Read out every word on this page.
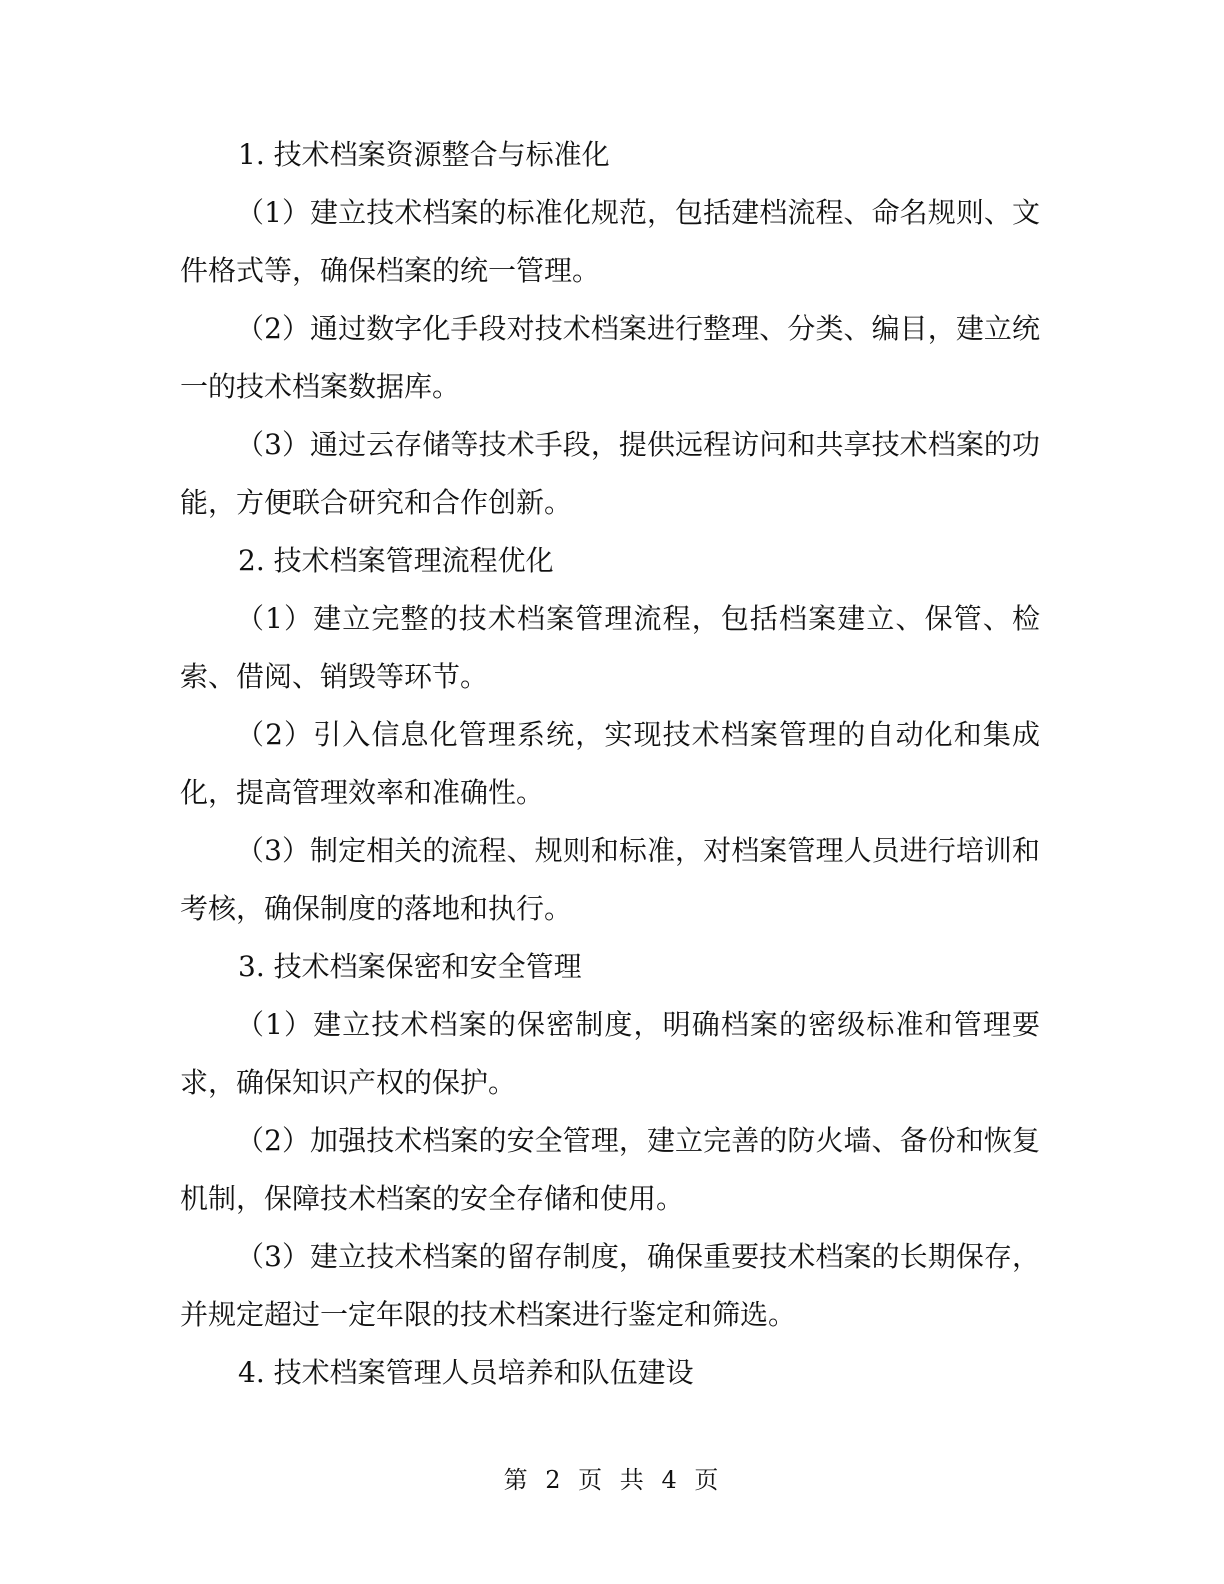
1. 技术档案资源整合与标准化

（1）建立技术档案的标准化规范，包括建档流程、命名规则、文件格式等，确保档案的统一管理。

（2）通过数字化手段对技术档案进行整理、分类、编目，建立统一的技术档案数据库。

（3）通过云存储等技术手段，提供远程访问和共享技术档案的功能，方便联合研究和合作创新。

2. 技术档案管理流程优化

（1）建立完整的技术档案管理流程，包括档案建立、保管、检索、借阅、销毁等环节。

（2）引入信息化管理系统，实现技术档案管理的自动化和集成化，提高管理效率和准确性。

（3）制定相关的流程、规则和标准，对档案管理人员进行培训和考核，确保制度的落地和执行。

3. 技术档案保密和安全管理

（1）建立技术档案的保密制度，明确档案的密级标准和管理要求，确保知识产权的保护。

（2）加强技术档案的安全管理，建立完善的防火墙、备份和恢复机制，保障技术档案的安全存储和使用。

（3）建立技术档案的留存制度，确保重要技术档案的长期保存，并规定超过一定年限的技术档案进行鉴定和筛选。

4. 技术档案管理人员培养和队伍建设

第 2 页 共 4 页
